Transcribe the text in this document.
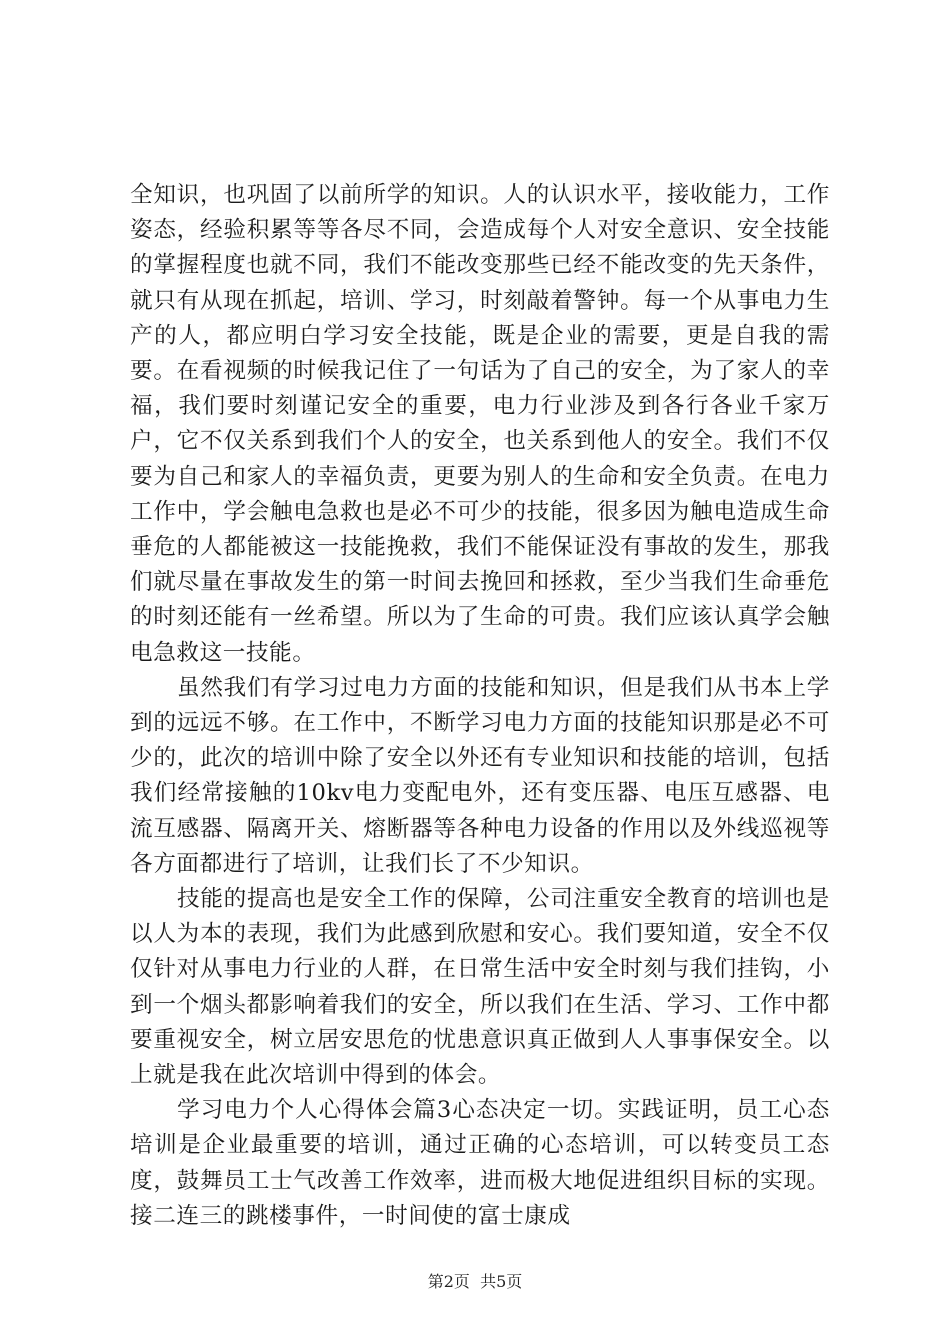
全知识，也巩固了以前所学的知识。人的认识水平，接收能力，工作姿态，经验积累等等各尽不同，会造成每个人对安全意识、安全技能的掌握程度也就不同，我们不能改变那些已经不能改变的先天条件，就只有从现在抓起，培训、学习，时刻敲着警钟。每一个从事电力生产的人，都应明白学习安全技能，既是企业的需要，更是自我的需要。在看视频的时候我记住了一句话为了自己的安全，为了家人的幸福，我们要时刻谨记安全的重要，电力行业涉及到各行各业千家万户，它不仅关系到我们个人的安全，也关系到他人的安全。我们不仅要为自己和家人的幸福负责，更要为别人的生命和安全负责。在电力工作中，学会触电急救也是必不可少的技能，很多因为触电造成生命垂危的人都能被这一技能挽救，我们不能保证没有事故的发生，那我们就尽量在事故发生的第一时间去挽回和拯救，至少当我们生命垂危的时刻还能有一丝希望。所以为了生命的可贵。我们应该认真学会触电急救这一技能。

虽然我们有学习过电力方面的技能和知识，但是我们从书本上学到的远远不够。在工作中，不断学习电力方面的技能知识那是必不可少的，此次的培训中除了安全以外还有专业知识和技能的培训，包括我们经常接触的10kv电力变配电外，还有变压器、电压互感器、电流互感器、隔离开关、熔断器等各种电力设备的作用以及外线巡视等各方面都进行了培训，让我们长了不少知识。

技能的提高也是安全工作的保障，公司注重安全教育的培训也是以人为本的表现，我们为此感到欣慰和安心。我们要知道，安全不仅仅针对从事电力行业的人群，在日常生活中安全时刻与我们挂钩，小到一个烟头都影响着我们的安全，所以我们在生活、学习、工作中都要重视安全，树立居安思危的忧患意识真正做到人人事事保安全。以上就是我在此次培训中得到的体会。

学习电力个人心得体会篇3心态决定一切。实践证明，员工心态培训是企业最重要的培训，通过正确的心态培训，可以转变员工态度，鼓舞员工士气改善工作效率，进而极大地促进组织目标的实现。接二连三的跳楼事件，一时间使的富士康成

第2页  共5页
